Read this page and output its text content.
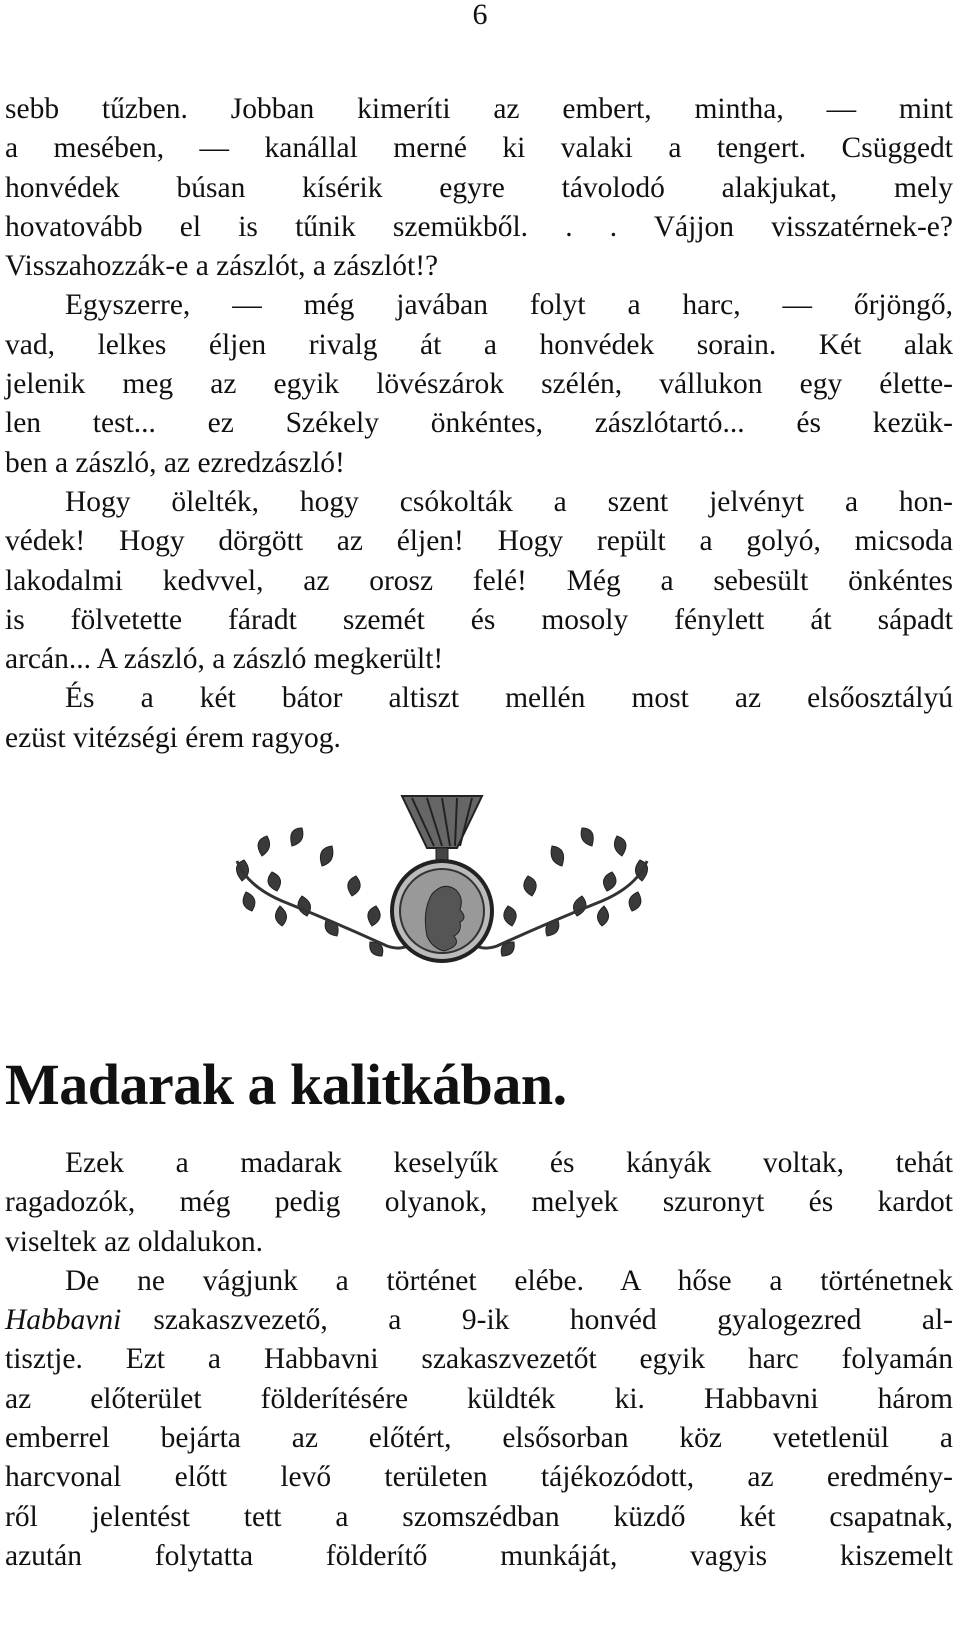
6
sebb tűzben. Jobban kimeríti az embert, mintha, — mint
a mesében, — kanállal merné ki valaki a tengert. Csüggedt
honvédek búsan kísérik egyre távolodó alakjukat, mely
hovatovább el is tűnik szemükből. . . Vájjon visszatérnek-e?
Visszahozzák-e a zászlót, a zászlót!?
Egyszerre, — még javában folyt a harc, — őrjöngő,
vad, lelkes éljen rivalg át a honvédek sorain. Két alak
jelenik meg az egyik lövészárok szélén, vállukon egy élette-
len test... ez Székely önkéntes, zászlótartó... és kezük-
ben a zászló, az ezredzászló!
Hogy ölelték, hogy csókolták a szent jelvényt a hon-
védek! Hogy dörgött az éljen! Hogy repült a golyó, micsoda
lakodalmi kedvvel, az orosz felé! Még a sebesült önkéntes
is fölvetette fáradt szemét és mosoly fénylett át sápadt
arcán... A zászló, a zászló megkerült!
És a két bátor altiszt mellén most az elsőosztályú
ezüst vitézségi érem ragyog.
Madarak a kalitkában.
Ezek a madarak keselyűk és kányák voltak, tehát
ragadozók, még pedig olyanok, melyek szuronyt és kardot
viseltek az oldalukon.
De ne vágjunk a történet elébe. A hőse a történetnek
Habbavni	szakaszvezető, a 9-ik honvéd gyalogezred al-
tisztje. Ezt a Habbavni szakaszvezetőt egyik harc folyamán
az előterület földerítésére küldték ki. Habbavni három
emberrel bejárta az előtért, elsősorban köz vetetlenül a
harcvonal előtt levő területen tájékozódott, az eredmény-
ről jelentést tett a szomszédban küzdő két csapatnak,
azután folytatta földerítő munkáját, vagyis kiszemelt
